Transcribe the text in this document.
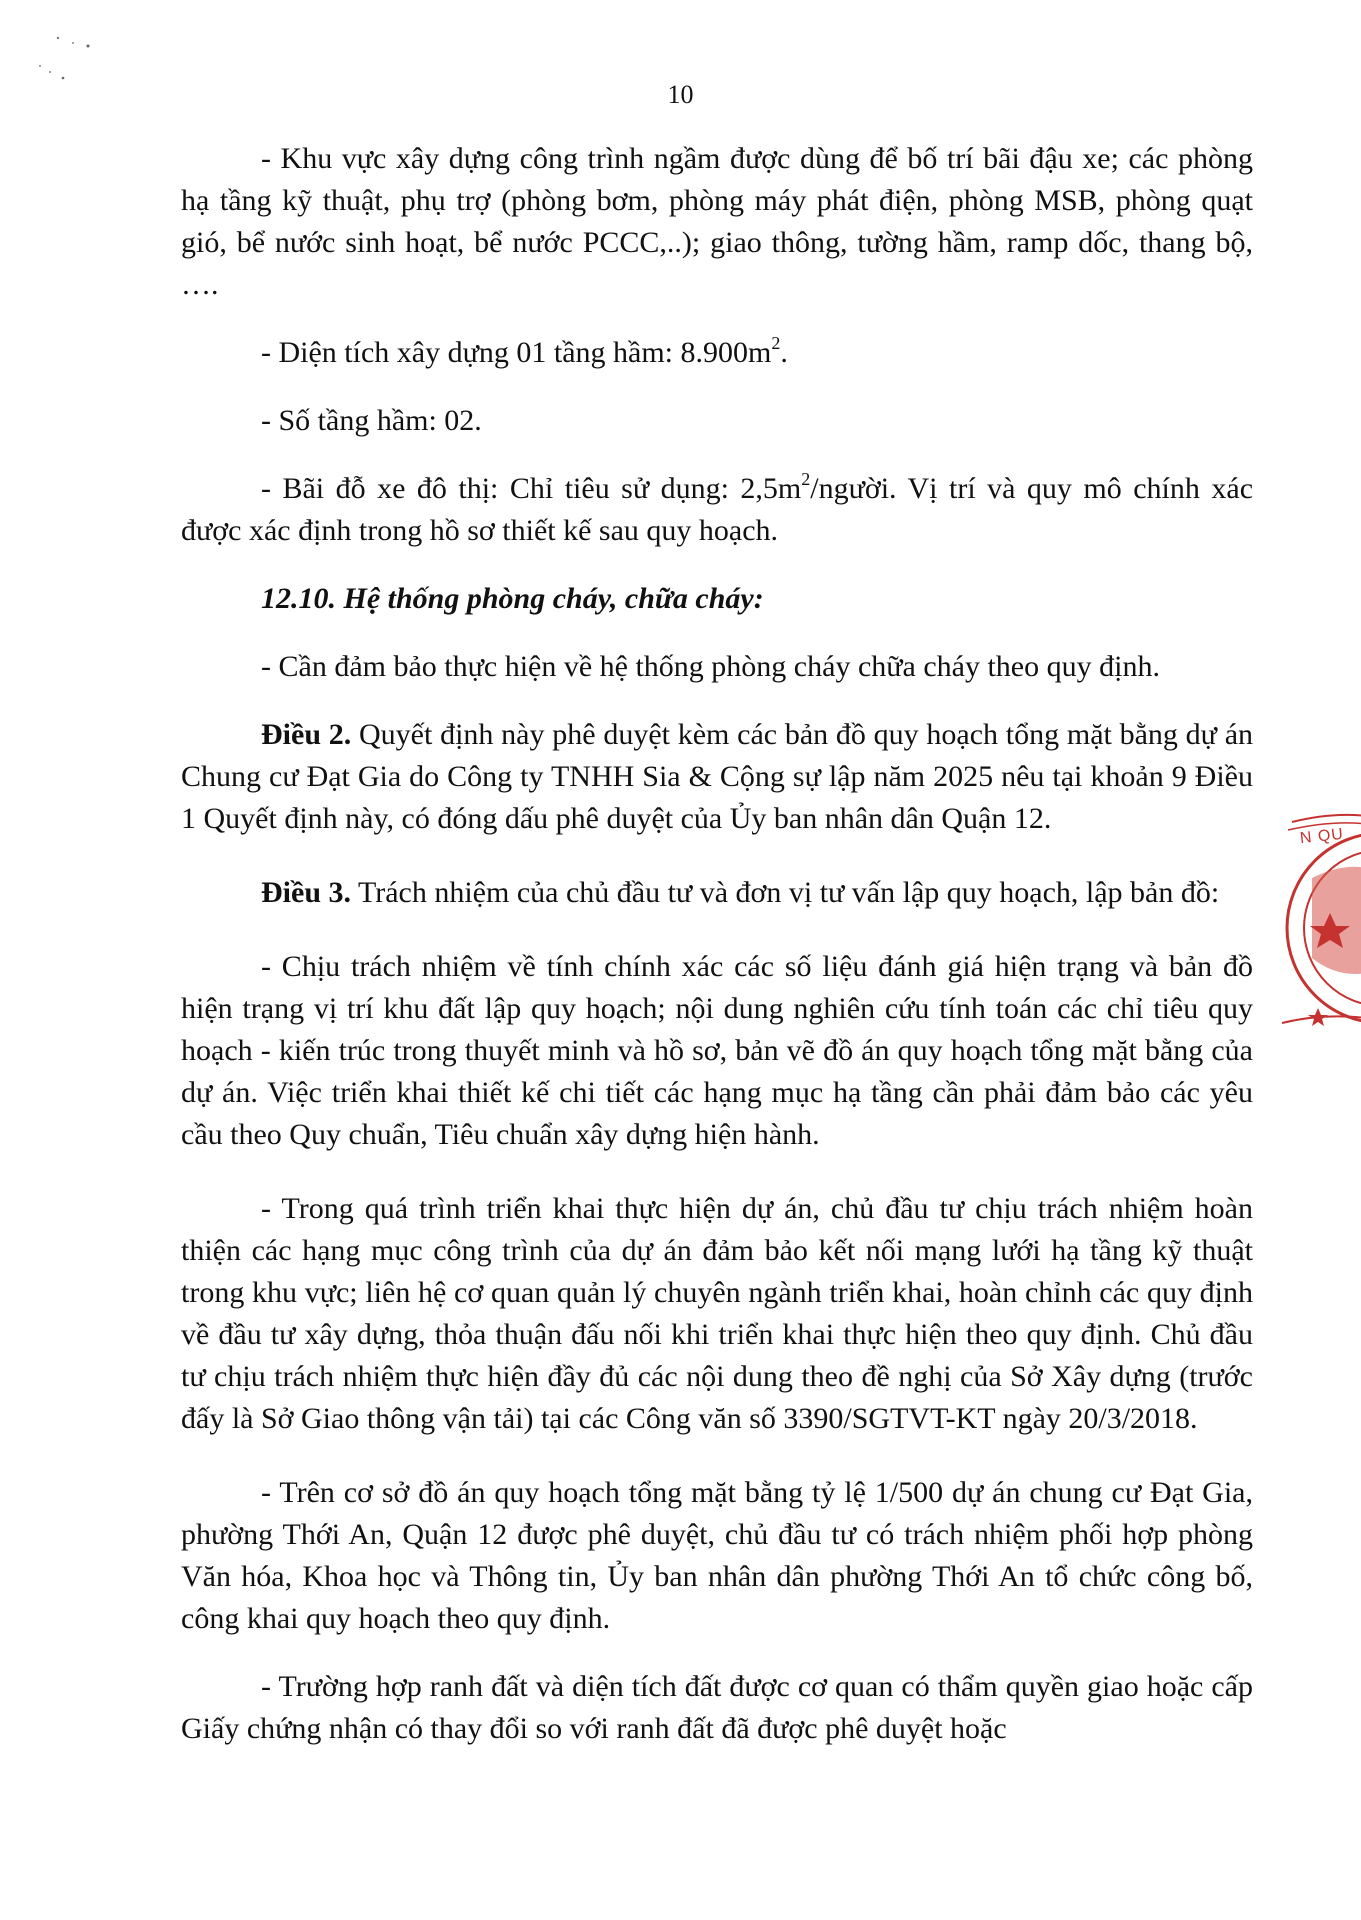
10

- Khu vực xây dựng công trình ngầm được dùng để bố trí bãi đậu xe; các phòng hạ tầng kỹ thuật, phụ trợ (phòng bơm, phòng máy phát điện, phòng MSB, phòng quạt gió, bể nước sinh hoạt, bể nước PCCC,..); giao thông, tường hầm, ramp dốc, thang bộ, ….

- Diện tích xây dựng 01 tầng hầm: $8.900m^2$.

- Số tầng hầm: 02.

- Bãi đỗ xe đô thị: Chỉ tiêu sử dụng: $2,5m^2$/người. Vị trí và quy mô chính xác được xác định trong hồ sơ thiết kế sau quy hoạch.

12.10. Hệ thống phòng cháy, chữa cháy:

- Cần đảm bảo thực hiện về hệ thống phòng cháy chữa cháy theo quy định.

Điều 2. Quyết định này phê duyệt kèm các bản đồ quy hoạch tổng mặt bằng dự án Chung cư Đạt Gia do Công ty TNHH Sia & Cộng sự lập năm 2025 nêu tại khoản 9 Điều 1 Quyết định này, có đóng dấu phê duyệt của Ủy ban nhân dân Quận 12.

Điều 3. Trách nhiệm của chủ đầu tư và đơn vị tư vấn lập quy hoạch, lập bản đồ:

- Chịu trách nhiệm về tính chính xác các số liệu đánh giá hiện trạng và bản đồ hiện trạng vị trí khu đất lập quy hoạch; nội dung nghiên cứu tính toán các chỉ tiêu quy hoạch - kiến trúc trong thuyết minh và hồ sơ, bản vẽ đồ án quy hoạch tổng mặt bằng của dự án. Việc triển khai thiết kế chi tiết các hạng mục hạ tầng cần phải đảm bảo các yêu cầu theo Quy chuẩn, Tiêu chuẩn xây dựng hiện hành.

- Trong quá trình triển khai thực hiện dự án, chủ đầu tư chịu trách nhiệm hoàn thiện các hạng mục công trình của dự án đảm bảo kết nối mạng lưới hạ tầng kỹ thuật trong khu vực; liên hệ cơ quan quản lý chuyên ngành triển khai, hoàn chỉnh các quy định về đầu tư xây dựng, thỏa thuận đấu nối khi triển khai thực hiện theo quy định. Chủ đầu tư chịu trách nhiệm thực hiện đầy đủ các nội dung theo đề nghị của Sở Xây dựng (trước đấy là Sở Giao thông vận tải) tại các Công văn số 3390/SGTVT-KT ngày 20/3/2018.

- Trên cơ sở đồ án quy hoạch tổng mặt bằng tỷ lệ 1/500 dự án chung cư Đạt Gia, phường Thới An, Quận 12 được phê duyệt, chủ đầu tư có trách nhiệm phối hợp phòng Văn hóa, Khoa học và Thông tin, Ủy ban nhân dân phường Thới An tổ chức công bố, công khai quy hoạch theo quy định.

- Trường hợp ranh đất và diện tích đất được cơ quan có thẩm quyền giao hoặc cấp Giấy chứng nhận có thay đổi so với ranh đất đã được phê duyệt hoặc

N QU
